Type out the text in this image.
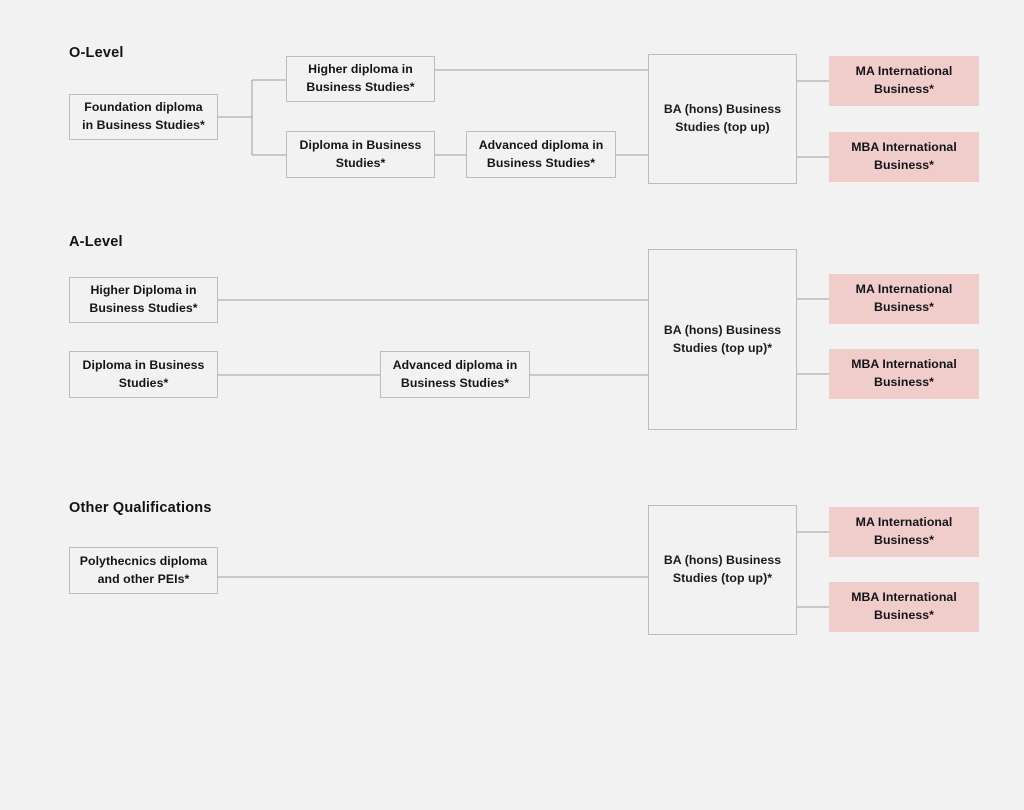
O-Level
Foundation diploma in Business Studies*
Higher diploma in Business Studies*
Diploma in Business Studies*
Advanced diploma in Business Studies*
BA (hons) Business Studies (top up)
MA International Business*
MBA International Business*
A-Level
Higher Diploma in Business Studies*
Diploma in Business Studies*
Advanced diploma in Business Studies*
BA (hons) Business Studies (top up)*
MA International Business*
MBA International Business*
Other Qualifications
Polythecnics diploma and other PEIs*
BA (hons) Business Studies (top up)*
MA International Business*
MBA International Business*
